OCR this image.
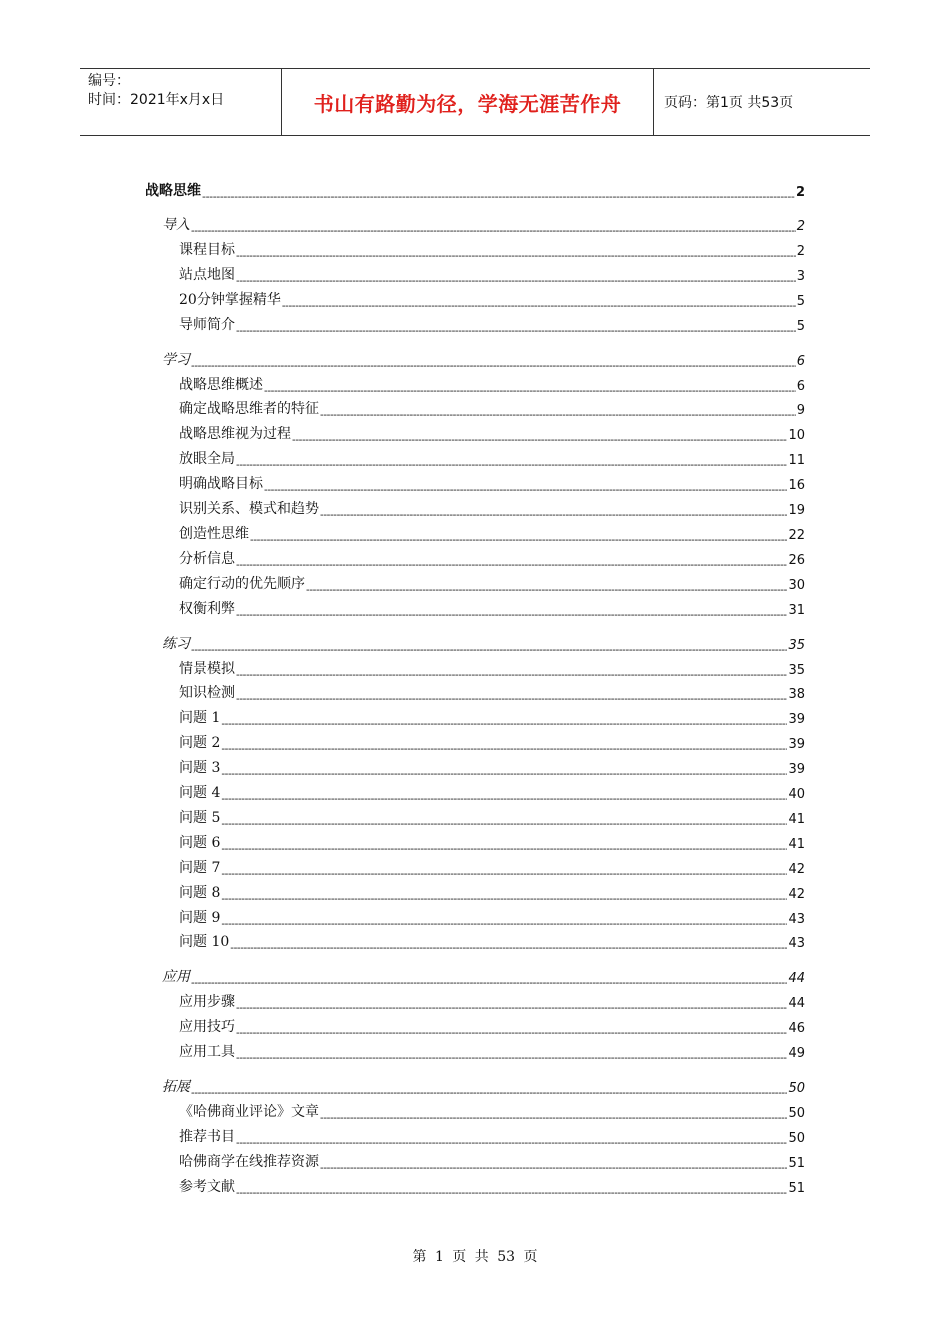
编号：
时间：2021年x月x日	书山有路勤为径，学海无涯苦作舟	页码：第1页 共53页
战略思维 -----	2
导入 -----	2
课程目标 -----	2
站点地图 -----	3
20分钟掌握精华 -----	5
导师简介 -----	5
学习 -----	6
战略思维概述 -----	6
确定战略思维者的特征 -----	9
战略思维视为过程 -----	10
放眼全局 -----	11
明确战略目标 -----	16
识别关系、模式和趋势 -----	19
创造性思维 -----	22
分析信息 -----	26
确定行动的优先顺序 -----	30
权衡利弊 -----	31
练习 -----	35
情景模拟 -----	35
知识检测 -----	38
问题 1 -----	39
问题 2 -----	39
问题 3 -----	39
问题 4 -----	40
问题 5 -----	41
问题 6 -----	41
问题 7 -----	42
问题 8 -----	42
问题 9 -----	43
问题 10 -----	43
应用 -----	44
应用步骤 -----	44
应用技巧 -----	46
应用工具 -----	49
拓展 -----	50
《哈佛商业评论》文章 -----	50
推荐书目 -----	50
哈佛商学在线推荐资源 -----	51
参考文献 -----	51
第 1 页 共 53 页
